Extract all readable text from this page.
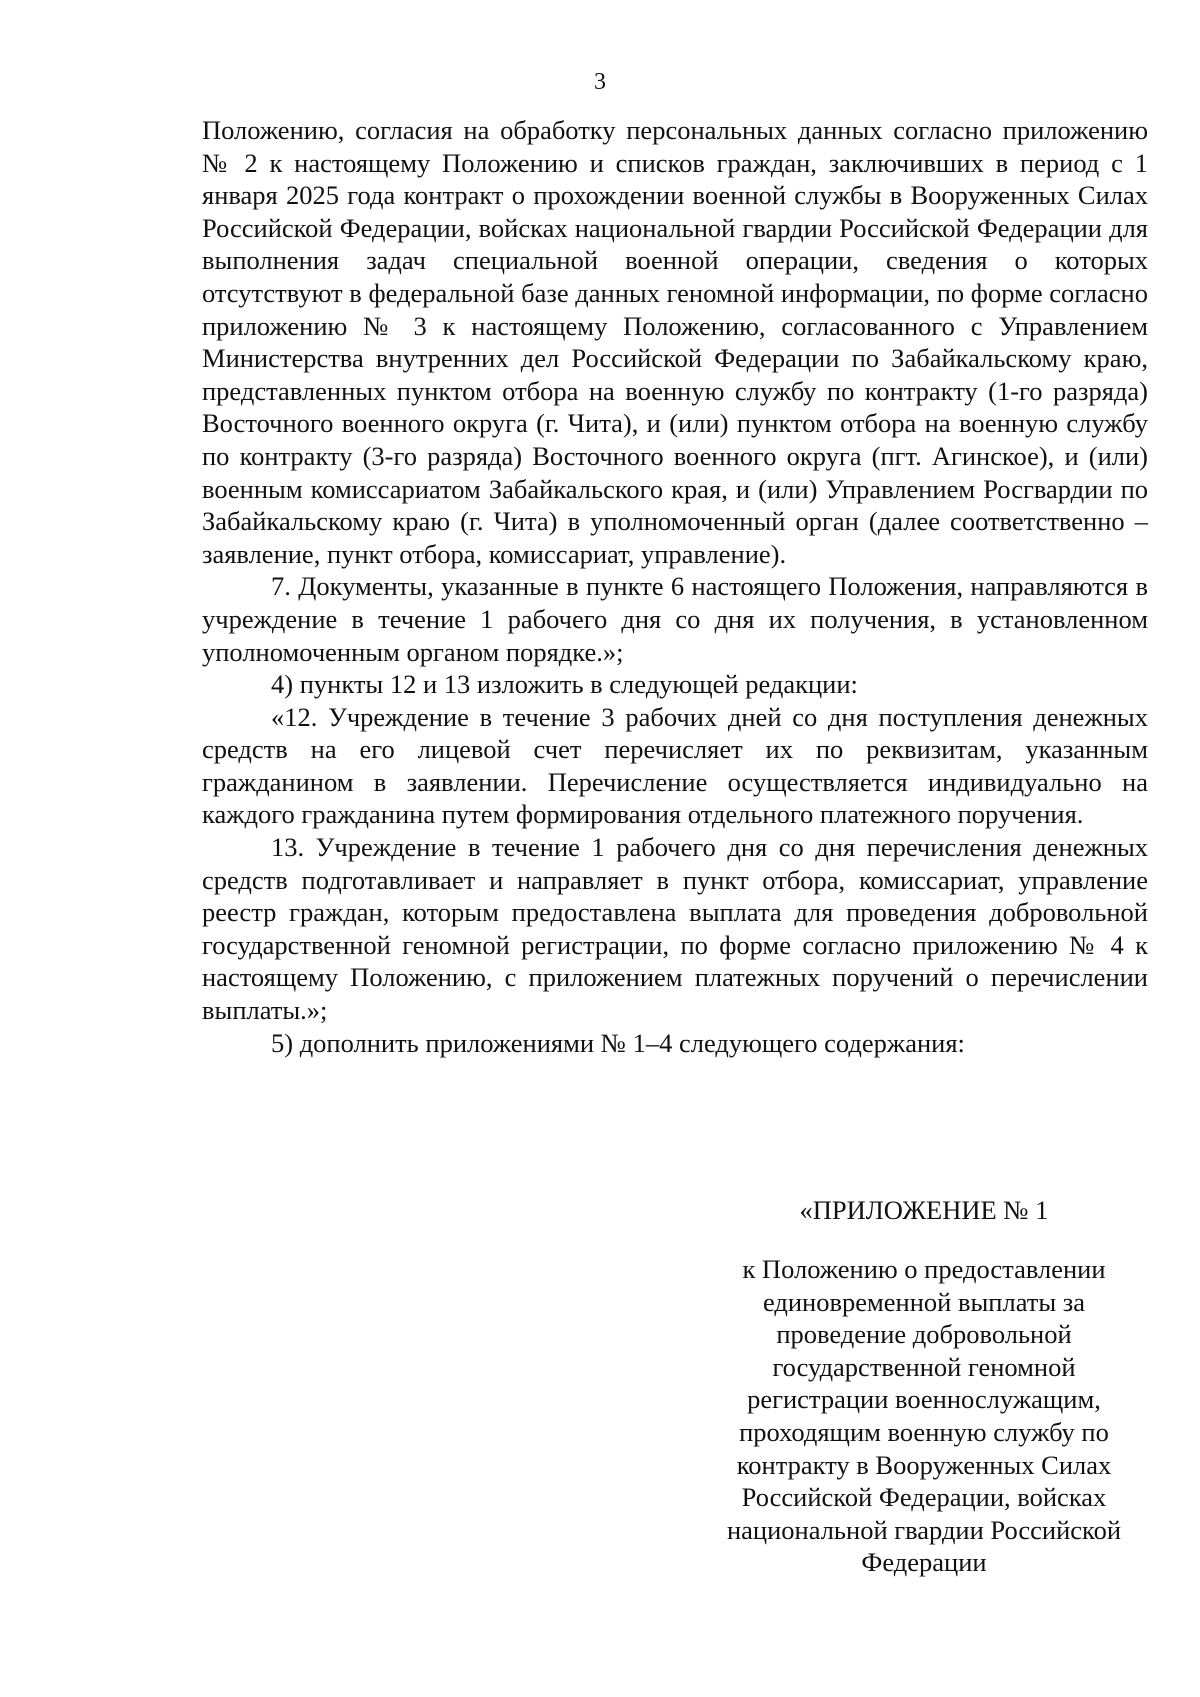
3

Положению, согласия на обработку персональных данных согласно приложению № 2 к настоящему Положению и списков граждан, заключивших в период с 1 января 2025 года контракт о прохождении военной службы в Вооруженных Силах Российской Федерации, войсках национальной гвардии Российской Федерации для выполнения задач специальной военной операции, сведения о которых отсутствуют в федеральной базе данных геномной информации, по форме согласно приложению № 3 к настоящему Положению, согласованного с Управлением Министерства внутренних дел Российской Федерации по Забайкальскому краю, представленных пунктом отбора на военную службу по контракту (1-го разряда) Восточного военного округа (г. Чита), и (или) пунктом отбора на военную службу по контракту (3-го разряда) Восточного военного округа (пгт. Агинское), и (или) военным комиссариатом Забайкальского края, и (или) Управлением Росгвардии по Забайкальскому краю (г. Чита) в уполномоченный орган (далее соответственно – заявление, пункт отбора, комиссариат, управление).

7. Документы, указанные в пункте 6 настоящего Положения, направляются в учреждение в течение 1 рабочего дня со дня их получения, в установленном уполномоченным органом порядке.»;

4) пункты 12 и 13 изложить в следующей редакции:

«12. Учреждение в течение 3 рабочих дней со дня поступления денежных средств на его лицевой счет перечисляет их по реквизитам, указанным гражданином в заявлении. Перечисление осуществляется индивидуально на каждого гражданина путем формирования отдельного платежного поручения.

13. Учреждение в течение 1 рабочего дня со дня перечисления денежных средств подготавливает и направляет в пункт отбора, комиссариат, управление реестр граждан, которым предоставлена выплата для проведения добровольной государственной геномной регистрации, по форме согласно приложению № 4 к настоящему Положению, с приложением платежных поручений о перечислении выплаты.»;

5) дополнить приложениями № 1–4 следующего содержания:

«ПРИЛОЖЕНИЕ № 1
к Положению о предоставлении единовременной выплаты за проведение добровольной государственной геномной регистрации военнослужащим, проходящим военную службу по контракту в Вооруженных Силах Российской Федерации, войсках национальной гвардии Российской Федерации
